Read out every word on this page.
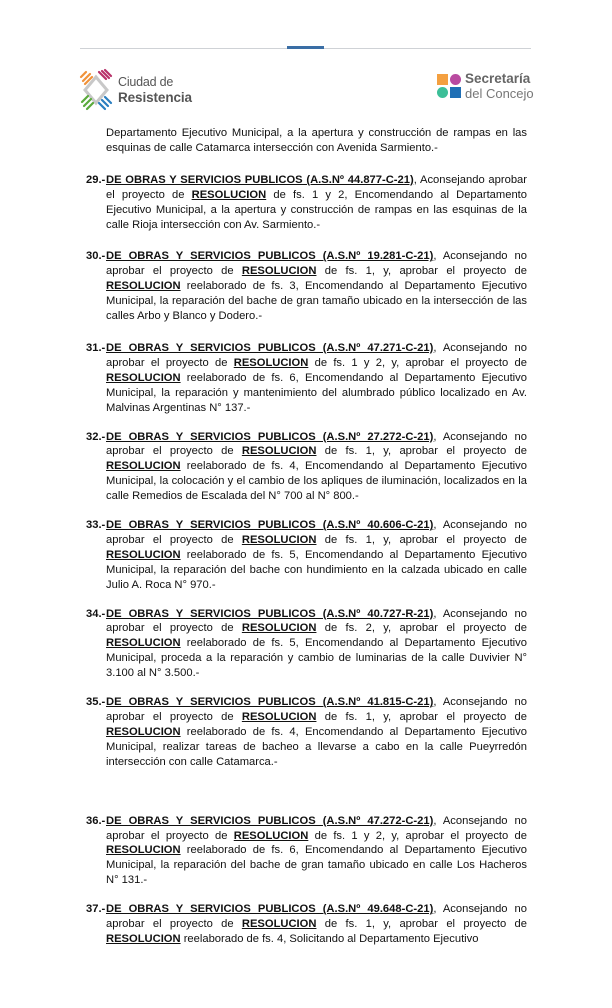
Ciudad de
Resistencia
Secretaría
del Concejo
Departamento Ejecutivo Municipal, a la apertura y construcción de rampas en las esquinas de calle Catamarca intersección con Avenida Sarmiento.-
29.- DE OBRAS Y SERVICIOS PUBLICOS (A.S.Nº 44.877-C-21), Aconsejando aprobar el proyecto de RESOLUCION de fs. 1 y 2, Encomendando al Departamento Ejecutivo Municipal, a la apertura y construcción de rampas en las esquinas de la calle Rioja intersección con Av. Sarmiento.-
30.- DE OBRAS Y SERVICIOS PUBLICOS (A.S.Nº 19.281-C-21), Aconsejando no aprobar el proyecto de RESOLUCION de fs. 1, y, aprobar el proyecto de RESOLUCION reelaborado de fs. 3, Encomendando al Departamento Ejecutivo Municipal, la reparación del bache de gran tamaño ubicado en la intersección de las calles Arbo y Blanco y Dodero.-
31.- DE OBRAS Y SERVICIOS PUBLICOS (A.S.Nº 47.271-C-21), Aconsejando no aprobar el proyecto de RESOLUCION de fs. 1 y 2, y, aprobar el proyecto de RESOLUCION reelaborado de fs. 6, Encomendando al Departamento Ejecutivo Municipal, la reparación y mantenimiento del alumbrado público localizado en Av. Malvinas Argentinas N° 137.-
32.- DE OBRAS Y SERVICIOS PUBLICOS (A.S.Nº 27.272-C-21), Aconsejando no aprobar el proyecto de RESOLUCION de fs. 1, y, aprobar el proyecto de RESOLUCION reelaborado de fs. 4, Encomendando al Departamento Ejecutivo Municipal, la colocación y el cambio de los apliques de iluminación, localizados en la calle Remedios de Escalada del N° 700 al N° 800.-
33.- DE OBRAS Y SERVICIOS PUBLICOS (A.S.Nº 40.606-C-21), Aconsejando no aprobar el proyecto de RESOLUCION de fs. 1, y, aprobar el proyecto de RESOLUCION reelaborado de fs. 5, Encomendando al Departamento Ejecutivo Municipal, la reparación del bache con hundimiento en la calzada ubicado en calle Julio A. Roca N° 970.-
34.- DE OBRAS Y SERVICIOS PUBLICOS (A.S.Nº 40.727-R-21), Aconsejando no aprobar el proyecto de RESOLUCION de fs. 2, y, aprobar el proyecto de RESOLUCION reelaborado de fs. 5, Encomendando al Departamento Ejecutivo Municipal, proceda a la reparación y cambio de luminarias de la calle Duvivier N° 3.100 al N° 3.500.-
35.- DE OBRAS Y SERVICIOS PUBLICOS (A.S.Nº 41.815-C-21), Aconsejando no aprobar el proyecto de RESOLUCION de fs. 1, y, aprobar el proyecto de RESOLUCION reelaborado de fs. 4, Encomendando al Departamento Ejecutivo Municipal, realizar tareas de bacheo a llevarse a cabo en la calle Pueyrredón intersección con calle Catamarca.-
36.- DE OBRAS Y SERVICIOS PUBLICOS (A.S.Nº 47.272-C-21), Aconsejando no aprobar el proyecto de RESOLUCION de fs. 1 y 2, y, aprobar el proyecto de RESOLUCION reelaborado de fs. 6, Encomendando al Departamento Ejecutivo Municipal, la reparación del bache de gran tamaño ubicado en calle Los Hacheros N° 131.-
37.- DE OBRAS Y SERVICIOS PUBLICOS (A.S.Nº 49.648-C-21), Aconsejando no aprobar el proyecto de RESOLUCION de fs. 1, y, aprobar el proyecto de RESOLUCION reelaborado de fs. 4, Solicitando al Departamento Ejecutivo
